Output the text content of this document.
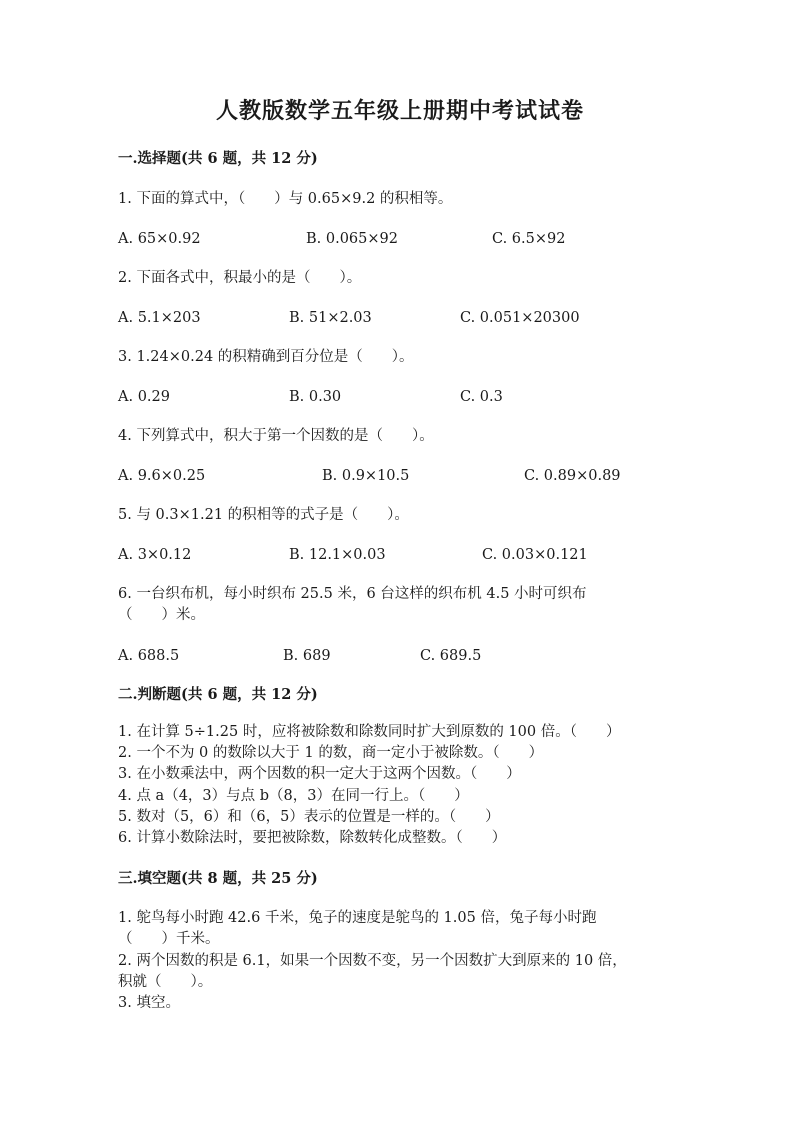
人教版数学五年级上册期中考试试卷
一.选择题(共 6 题，共 12 分)
1. 下面的算式中，（　　）与 0.65×9.2 的积相等。
A. 65×0.92	B. 0.065×92	C. 6.5×92
2. 下面各式中，积最小的是（　　）。
A. 5.1×203	B. 51×2.03	C. 0.051×20300
3. 1.24×0.24 的积精确到百分位是（　　）。
A. 0.29	B. 0.30	C. 0.3
4. 下列算式中，积大于第一个因数的是（　　）。
A. 9.6×0.25	B. 0.9×10.5	C. 0.89×0.89
5. 与 0.3×1.21 的积相等的式子是（　　）。
A. 3×0.12	B. 12.1×0.03	C. 0.03×0.121
6. 一台织布机，每小时织布 25.5 米，6 台这样的织布机 4.5 小时可织布
（　　）米。
A. 688.5	B. 689	C. 689.5
二.判断题(共 6 题，共 12 分)
1. 在计算 5÷1.25 时，应将被除数和除数同时扩大到原数的 100 倍。（　　）
2. 一个不为 0 的数除以大于 1 的数，商一定小于被除数。（　　）
3. 在小数乘法中，两个因数的积一定大于这两个因数。（　　）
4. 点 a（4，3）与点 b（8，3）在同一行上。（　　）
5. 数对（5，6）和（6，5）表示的位置是一样的。（　　）
6. 计算小数除法时，要把被除数，除数转化成整数。（　　）
三.填空题(共 8 题，共 25 分)
1. 鸵鸟每小时跑 42.6 千米，兔子的速度是鸵鸟的 1.05 倍，兔子每小时跑
（　　）千米。
2. 两个因数的积是 6.1，如果一个因数不变，另一个因数扩大到原来的 10 倍，
积就（　　）。
3. 填空。
